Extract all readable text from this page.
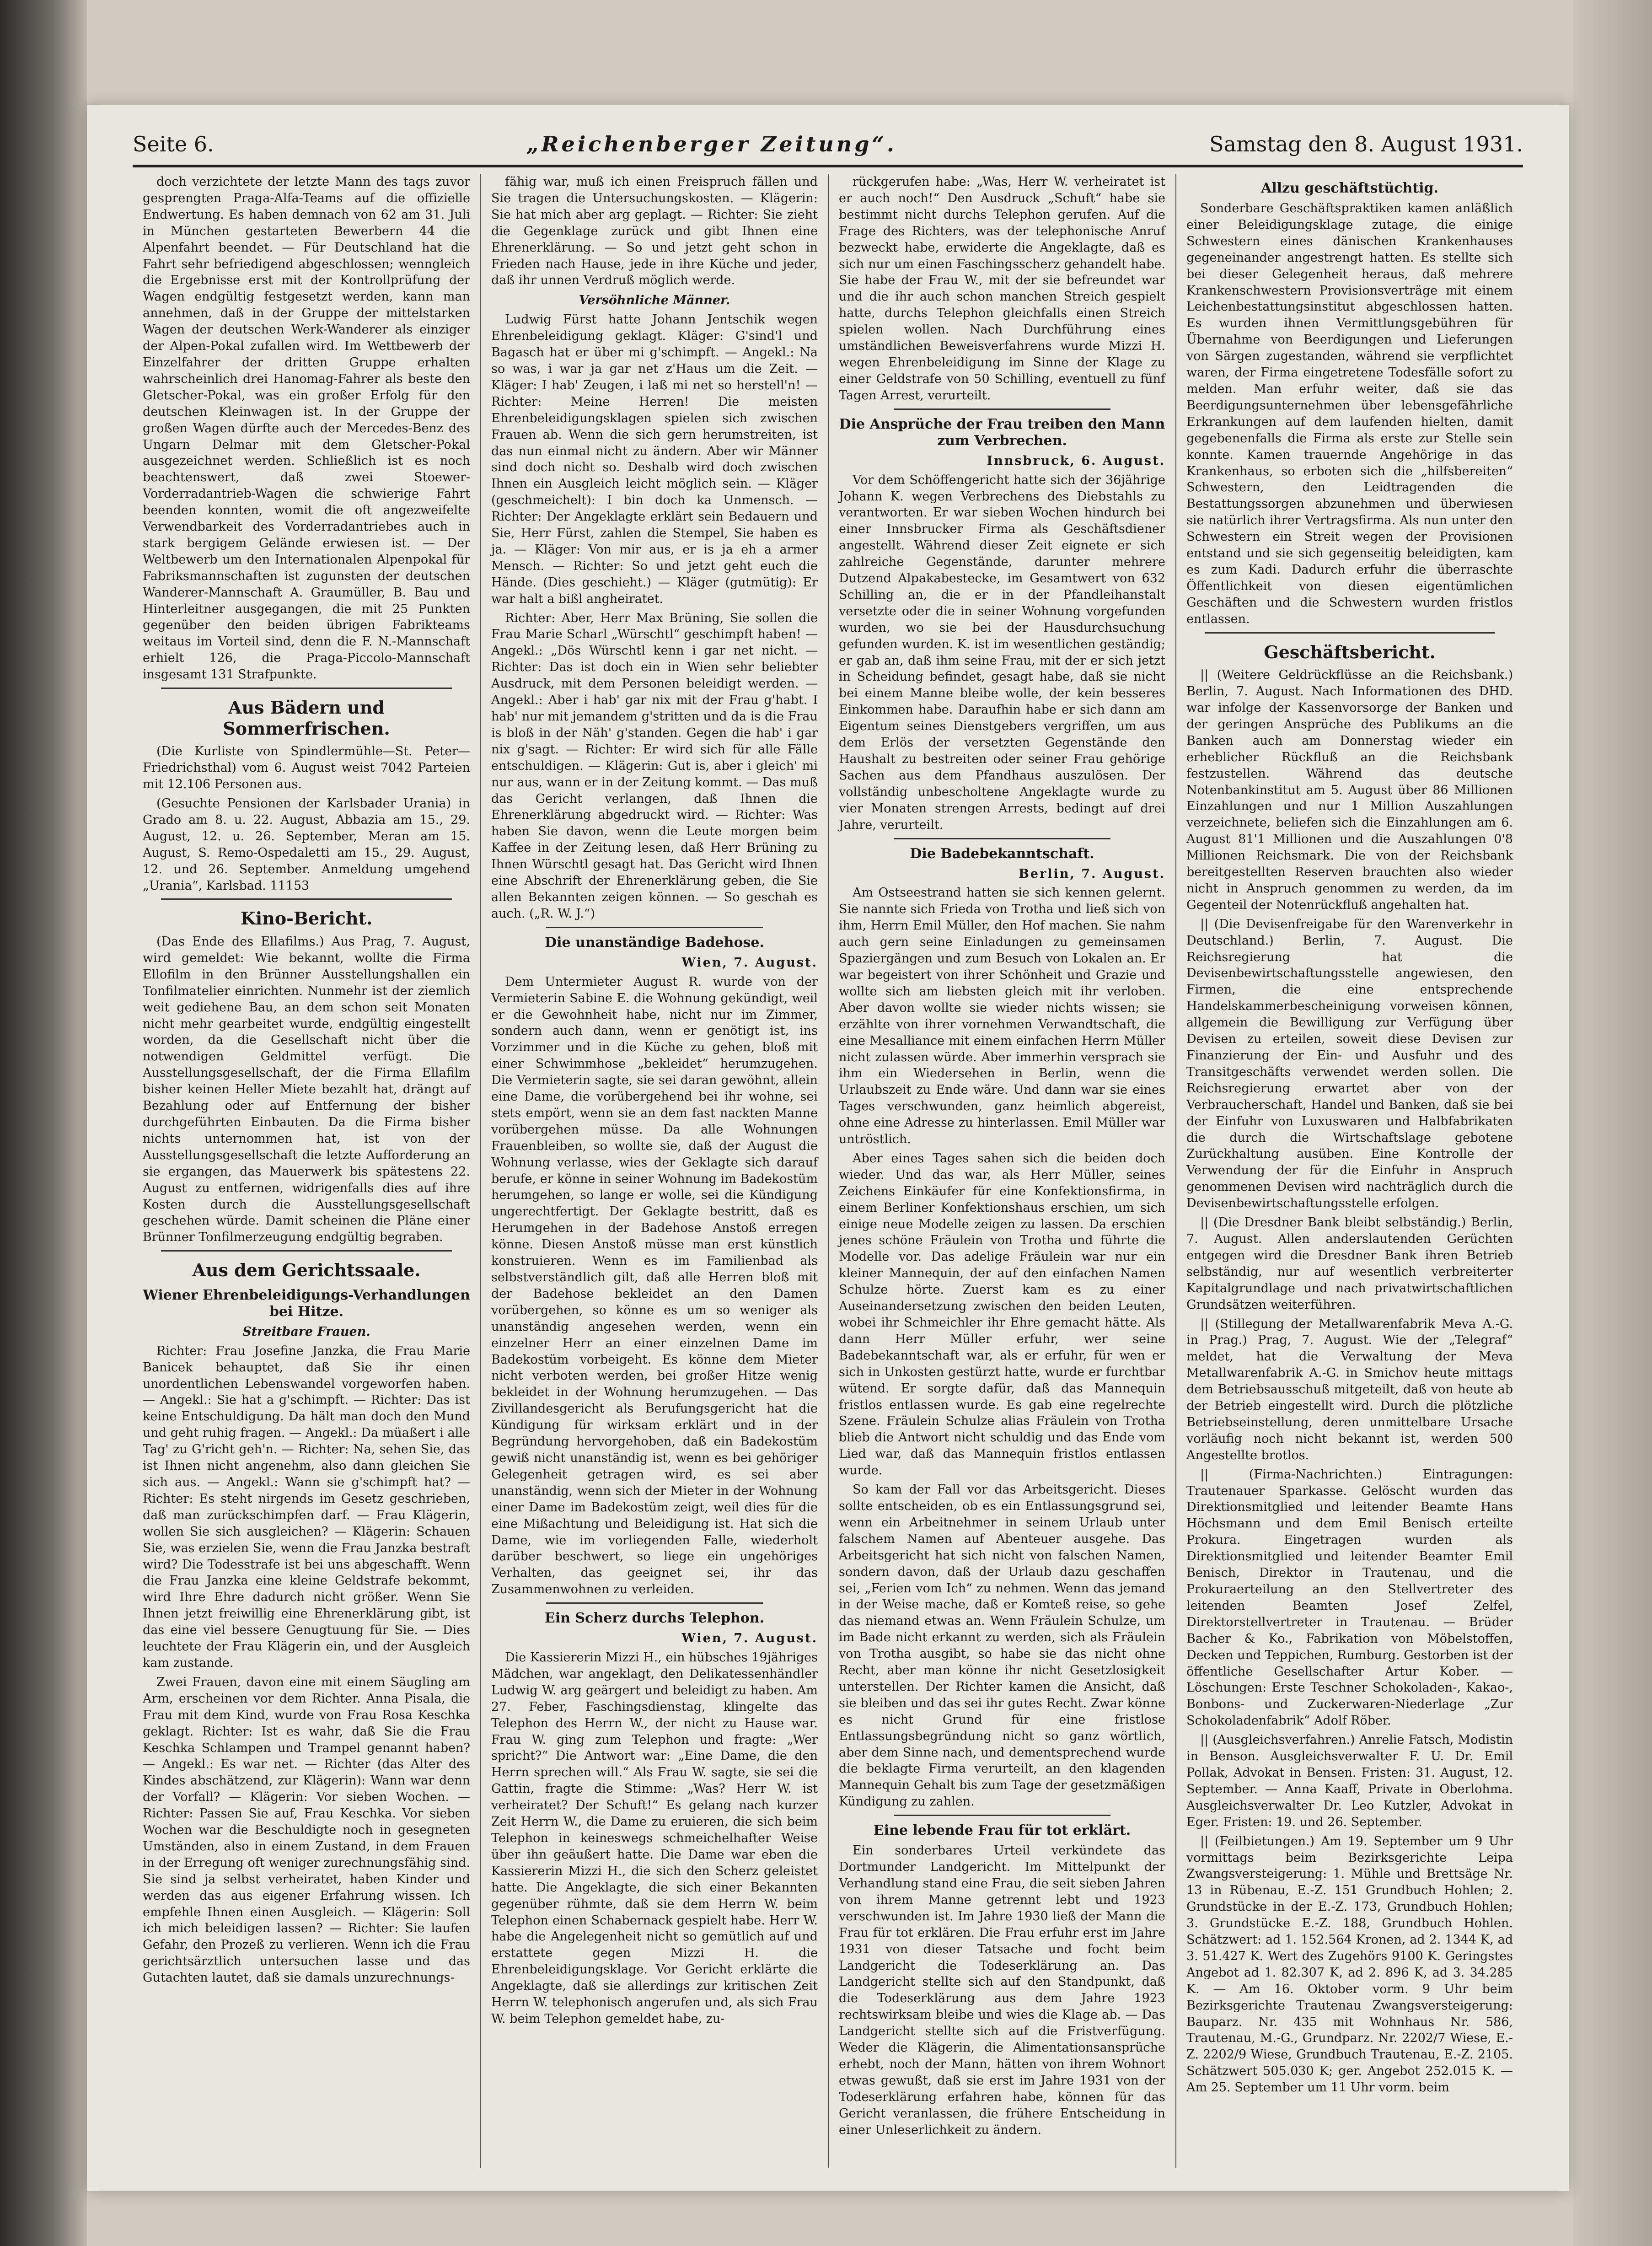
Seite 6.	„Reichenberger Zeitung“.	Samstag den 8. August 1931.

doch verzichtete der letzte Mann des tags zuvor gesprengten Praga-Alfa-Teams auf die offizielle Endwertung. Es haben demnach von 62 am 31. Juli in München gestarteten Bewerbern 44 die Alpenfahrt beendet. — Für Deutschland hat die Fahrt sehr befriedigend abgeschlossen; wenngleich die Ergebnisse erst mit der Kontrollprüfung der Wagen endgültig festgesetzt werden, kann man annehmen, daß in der Gruppe der mittelstarken Wagen der deutschen Werk-Wanderer als einziger der Alpen-Pokal zufallen wird. Im Wettbewerb der Einzelfahrer der dritten Gruppe erhalten wahrscheinlich drei Hanomag-Fahrer als beste den Gletscher-Pokal, was ein großer Erfolg für den deutschen Kleinwagen ist. In der Gruppe der großen Wagen dürfte auch der Mercedes-Benz des Ungarn Delmar mit dem Gletscher-Pokal ausgezeichnet werden. Schließlich ist es noch beachtenswert, daß zwei Stoewer-Vorderradantrieb-Wagen die schwierige Fahrt beenden konnten, womit die oft angezweifelte Verwendbarkeit des Vorderradantriebes auch in stark bergigem Gelände erwiesen ist. — Der Weltbewerb um den Internationalen Alpenpokal für Fabriksmannschaften ist zugunsten der deutschen Wanderer-Mannschaft A. Graumüller, B. Bau und Hinterleitner ausgegangen, die mit 25 Punkten gegenüber den beiden übrigen Fabrikteams weitaus im Vorteil sind, denn die F. N.-Mannschaft erhielt 126, die Praga-Piccolo-Mannschaft insgesamt 131 Strafpunkte.

Aus Bädern und Sommerfrischen.

(Die Kurliste von Spindlermühle—St. Peter—Friedrichsthal) vom 6. August weist 7042 Parteien mit 12.106 Personen aus.

(Gesuchte Pensionen der Karlsbader Urania) in Grado am 8. u. 22. August, Abbazia am 15., 29. August, 12. u. 26. September, Meran am 15. August, S. Remo-Ospedaletti am 15., 29. August, 12. und 26. September. Anmeldung umgehend „Urania“, Karlsbad. 11153

Kino-Bericht.

(Das Ende des Ellafilms.) Aus Prag, 7. August, wird gemeldet: Wie bekannt, wollte die Firma Ellofilm in den Brünner Ausstellungshallen ein Tonfilmatelier einrichten. Nunmehr ist der ziemlich weit gediehene Bau, an dem schon seit Monaten nicht mehr gearbeitet wurde, endgültig eingestellt worden, da die Gesellschaft nicht über die notwendigen Geldmittel verfügt. Die Ausstellungsgesellschaft, der die Firma Ellafilm bisher keinen Heller Miete bezahlt hat, drängt auf Bezahlung oder auf Entfernung der bisher durchgeführten Einbauten. Da die Firma bisher nichts unternommen hat, ist von der Ausstellungsgesellschaft die letzte Aufforderung an sie ergangen, das Mauerwerk bis spätestens 22. August zu entfernen, widrigenfalls dies auf ihre Kosten durch die Ausstellungsgesellschaft geschehen würde. Damit scheinen die Pläne einer Brünner Tonfilmerzeugung endgültig begraben.

Aus dem Gerichtssaale.
Wiener Ehrenbeleidigungs-Verhandlungen bei Hitze.
Streitbare Frauen.

Richter: Frau Josefine Janzka, die Frau Marie Banicek behauptet, daß Sie ihr einen unordentlichen Lebenswandel vorgeworfen haben. — Angekl.: Sie hat a g'schimpft. — Richter: Das ist keine Entschuldigung. Da hält man doch den Mund und geht ruhig fragen. — Angekl.: Da müaßert i alle Tag' zu G'richt geh'n. — Richter: Na, sehen Sie, das ist Ihnen nicht angenehm, also dann gleichen Sie sich aus. — Angekl.: Wann sie g'schimpft hat? — Richter: Es steht nirgends im Gesetz geschrieben, daß man zurückschimpfen darf. — Frau Klägerin, wollen Sie sich ausgleichen? — Klägerin: Schauen Sie, was erzielen Sie, wenn die Frau Janzka bestraft wird? Die Todesstrafe ist bei uns abgeschafft. Wenn die Frau Janzka eine kleine Geldstrafe bekommt, wird Ihre Ehre dadurch nicht größer. Wenn Sie Ihnen jetzt freiwillig eine Ehrenerklärung gibt, ist das eine viel bessere Genugtuung für Sie. — Dies leuchtete der Frau Klägerin ein, und der Ausgleich kam zustande.

Zwei Frauen, davon eine mit einem Säugling am Arm, erscheinen vor dem Richter. Anna Pisala, die Frau mit dem Kind, wurde von Frau Rosa Keschka geklagt. Richter: Ist es wahr, daß Sie die Frau Keschka Schlampen und Trampel genannt haben? — Angekl.: Es war net. — Richter (das Alter des Kindes abschätzend, zur Klägerin): Wann war denn der Vorfall? — Klägerin: Vor sieben Wochen. — Richter: Passen Sie auf, Frau Keschka. Vor sieben Wochen war die Beschuldigte noch in gesegneten Umständen, also in einem Zustand, in dem Frauen in der Erregung oft weniger zurechnungsfähig sind. Sie sind ja selbst verheiratet, haben Kinder und werden das aus eigener Erfahrung wissen. Ich empfehle Ihnen einen Ausgleich. — Klägerin: Soll ich mich beleidigen lassen? — Richter: Sie laufen Gefahr, den Prozeß zu verlieren. Wenn ich die Frau gerichtsärztlich untersuchen lasse und das Gutachten lautet, daß sie damals unzurechnungs-

fähig war, muß ich einen Freispruch fällen und Sie tragen die Untersuchungskosten. — Klägerin: Sie hat mich aber arg geplagt. — Richter: Sie zieht die Gegenklage zurück und gibt Ihnen eine Ehrenerklärung. — So und jetzt geht schon in Frieden nach Hause, jede in ihre Küche und jeder, daß ihr unnen Verdruß möglich werde.

Versöhnliche Männer.

Ludwig Fürst hatte Johann Jentschik wegen Ehrenbeleidigung geklagt. Kläger: G'sind'l und Bagasch hat er über mi g'schimpft. — Angekl.: Na so was, i war ja gar net z'Haus um die Zeit. — Kläger: I hab' Zeugen, i laß mi net so herstell'n! — Richter: Meine Herren! Die meisten Ehrenbeleidigungsklagen spielen sich zwischen Frauen ab. Wenn die sich gern herumstreiten, ist das nun einmal nicht zu ändern. Aber wir Männer sind doch nicht so. Deshalb wird doch zwischen Ihnen ein Ausgleich leicht möglich sein. — Kläger (geschmeichelt): I bin doch ka Unmensch. — Richter: Der Angeklagte erklärt sein Bedauern und Sie, Herr Fürst, zahlen die Stempel, Sie haben es ja. — Kläger: Von mir aus, er is ja eh a armer Mensch. — Richter: So und jetzt geht euch die Hände. (Dies geschieht.) — Kläger (gutmütig): Er war halt a bißl angheiratet.

Richter: Aber, Herr Max Brüning, Sie sollen die Frau Marie Scharl „Würschtl“ geschimpft haben! — Angekl.: „Dös Würschtl kenn i gar net nicht. — Richter: Das ist doch ein in Wien sehr beliebter Ausdruck, mit dem Personen beleidigt werden. — Angekl.: Aber i hab' gar nix mit der Frau g'habt. I hab' nur mit jemandem g'stritten und da is die Frau is bloß in der Näh' g'standen. Gegen die hab' i gar nix g'sagt. — Richter: Er wird sich für alle Fälle entschuldigen. — Klägerin: Gut is, aber i gleich' mi nur aus, wann er in der Zeitung kommt. — Das muß das Gericht verlangen, daß Ihnen die Ehrenerklärung abgedruckt wird. — Richter: Was haben Sie davon, wenn die Leute morgen beim Kaffee in der Zeitung lesen, daß Herr Brüning zu Ihnen Würschtl gesagt hat. Das Gericht wird Ihnen eine Abschrift der Ehrenerklärung geben, die Sie allen Bekannten zeigen können. — So geschah es auch. („R. W. J.“)

Die unanständige Badehose.

Wien, 7. August.

Dem Untermieter August R. wurde von der Vermieterin Sabine E. die Wohnung gekündigt, weil er die Gewohnheit habe, nicht nur im Zimmer, sondern auch dann, wenn er genötigt ist, ins Vorzimmer und in die Küche zu gehen, bloß mit einer Schwimmhose „bekleidet“ herumzugehen. Die Vermieterin sagte, sie sei daran gewöhnt, allein eine Dame, die vorübergehend bei ihr wohne, sei stets empört, wenn sie an dem fast nackten Manne vorübergehen müsse. Da alle Wohnungen Frauenbleiben, so wollte sie, daß der August die Wohnung verlasse, wies der Geklagte sich darauf berufe, er könne in seiner Wohnung im Badekostüm herumgehen, so lange er wolle, sei die Kündigung ungerechtfertigt. Der Geklagte bestritt, daß es Herumgehen in der Badehose Anstoß erregen könne. Diesen Anstoß müsse man erst künstlich konstruieren. Wenn es im Familienbad als selbstverständlich gilt, daß alle Herren bloß mit der Badehose bekleidet an den Damen vorübergehen, so könne es um so weniger als unanständig angesehen werden, wenn ein einzelner Herr an einer einzelnen Dame im Badekostüm vorbeigeht. Es könne dem Mieter nicht verboten werden, bei großer Hitze wenig bekleidet in der Wohnung herumzugehen. — Das Zivillandesgericht als Berufungsgericht hat die Kündigung für wirksam erklärt und in der Begründung hervorgehoben, daß ein Badekostüm gewiß nicht unanständig ist, wenn es bei gehöriger Gelegenheit getragen wird, es sei aber unanständig, wenn sich der Mieter in der Wohnung einer Dame im Badekostüm zeigt, weil dies für die eine Mißachtung und Beleidigung ist. Hat sich die Dame, wie im vorliegenden Falle, wiederholt darüber beschwert, so liege ein ungehöriges Verhalten, das geeignet sei, ihr das Zusammenwohnen zu verleiden.

Ein Scherz durchs Telephon.

Wien, 7. August.

Die Kassiererin Mizzi H., ein hübsches 19jähriges Mädchen, war angeklagt, den Delikatessenhändler Ludwig W. arg geärgert und beleidigt zu haben. Am 27. Feber, Faschingsdienstag, klingelte das Telephon des Herrn W., der nicht zu Hause war. Frau W. ging zum Telephon und fragte: „Wer spricht?“ Die Antwort war: „Eine Dame, die den Herrn sprechen will.“ Als Frau W. sagte, sie sei die Gattin, fragte die Stimme: „Was? Herr W. ist verheiratet? Der Schuft!“ Es gelang nach kurzer Zeit Herrn W., die Dame zu eruieren, die sich beim Telephon in keineswegs schmeichelhafter Weise über ihn geäußert hatte. Die Dame war eben die Kassiererin Mizzi H., die sich den Scherz geleistet hatte. Die Angeklagte, die sich einer Bekannten gegenüber rühmte, daß sie dem Herrn W. beim Telephon einen Schabernack gespielt habe. Herr W. habe die Angelegenheit nicht so gemütlich auf und erstattete gegen Mizzi H. die Ehrenbeleidigungsklage. Vor Gericht erklärte die Angeklagte, daß sie allerdings zur kritischen Zeit Herrn W. telephonisch angerufen und, als sich Frau W. beim Telephon gemeldet habe, zu-

rückgerufen habe: „Was, Herr W. verheiratet ist er auch noch!“ Den Ausdruck „Schuft“ habe sie bestimmt nicht durchs Telephon gerufen. Auf die Frage des Richters, was der telephonische Anruf bezweckt habe, erwiderte die Angeklagte, daß es sich nur um einen Faschingsscherz gehandelt habe. Sie habe der Frau W., mit der sie befreundet war und die ihr auch schon manchen Streich gespielt hatte, durchs Telephon gleichfalls einen Streich spielen wollen. Nach Durchführung eines umständlichen Beweisverfahrens wurde Mizzi H. wegen Ehrenbeleidigung im Sinne der Klage zu einer Geldstrafe von 50 Schilling, eventuell zu fünf Tagen Arrest, verurteilt.

Die Ansprüche der Frau treiben den Mann zum Verbrechen.

Innsbruck, 6. August.

Vor dem Schöffengericht hatte sich der 36jährige Johann K. wegen Verbrechens des Diebstahls zu verantworten. Er war sieben Wochen hindurch bei einer Innsbrucker Firma als Geschäftsdiener angestellt. Während dieser Zeit eignete er sich zahlreiche Gegenstände, darunter mehrere Dutzend Alpakabestecke, im Gesamtwert von 632 Schilling an, die er in der Pfandleihanstalt versetzte oder die in seiner Wohnung vorgefunden wurden, wo sie bei der Hausdurchsuchung gefunden wurden. K. ist im wesentlichen geständig; er gab an, daß ihm seine Frau, mit der er sich jetzt in Scheidung befindet, gesagt habe, daß sie nicht bei einem Manne bleibe wolle, der kein besseres Einkommen habe. Daraufhin habe er sich dann am Eigentum seines Dienstgebers vergriffen, um aus dem Erlös der versetzten Gegenstände den Haushalt zu bestreiten oder seiner Frau gehörige Sachen aus dem Pfandhaus auszulösen. Der vollständig unbescholtene Angeklagte wurde zu vier Monaten strengen Arrests, bedingt auf drei Jahre, verurteilt.

Die Badebekanntschaft.

Berlin, 7. August.

Am Ostseestrand hatten sie sich kennen gelernt. Sie nannte sich Frieda von Trotha und ließ sich von ihm, Herrn Emil Müller, den Hof machen. Sie nahm auch gern seine Einladungen zu gemeinsamen Spaziergängen und zum Besuch von Lokalen an. Er war begeistert von ihrer Schönheit und Grazie und wollte sich am liebsten gleich mit ihr verloben. Aber davon wollte sie wieder nichts wissen; sie erzählte von ihrer vornehmen Verwandtschaft, die eine Mesalliance mit einem einfachen Herrn Müller nicht zulassen würde. Aber immerhin versprach sie ihm ein Wiedersehen in Berlin, wenn die Urlaubszeit zu Ende wäre. Und dann war sie eines Tages verschwunden, ganz heimlich abgereist, ohne eine Adresse zu hinterlassen. Emil Müller war untröstlich.

Aber eines Tages sahen sich die beiden doch wieder. Und das war, als Herr Müller, seines Zeichens Einkäufer für eine Konfektionsfirma, in einem Berliner Konfektionshaus erschien, um sich einige neue Modelle zeigen zu lassen. Da erschien jenes schöne Fräulein von Trotha und führte die Modelle vor. Das adelige Fräulein war nur ein kleiner Mannequin, der auf den einfachen Namen Schulze hörte. Zuerst kam es zu einer Auseinandersetzung zwischen den beiden Leuten, wobei ihr Schmeichler ihr Ehre gemacht hätte. Als dann Herr Müller erfuhr, wer seine Badebekanntschaft war, als er erfuhr, für wen er sich in Unkosten gestürzt hatte, wurde er furchtbar wütend. Er sorgte dafür, daß das Mannequin fristlos entlassen wurde. Es gab eine regelrechte Szene. Fräulein Schulze alias Fräulein von Trotha blieb die Antwort nicht schuldig und das Ende vom Lied war, daß das Mannequin fristlos entlassen wurde.

So kam der Fall vor das Arbeitsgericht. Dieses sollte entscheiden, ob es ein Entlassungsgrund sei, wenn ein Arbeitnehmer in seinem Urlaub unter falschem Namen auf Abenteuer ausgehe. Das Arbeitsgericht hat sich nicht von falschen Namen, sondern davon, daß der Urlaub dazu geschaffen sei, „Ferien vom Ich“ zu nehmen. Wenn das jemand in der Weise mache, daß er Komteß reise, so gehe das niemand etwas an. Wenn Fräulein Schulze, um im Bade nicht erkannt zu werden, sich als Fräulein von Trotha ausgibt, so habe sie das nicht ohne Recht, aber man könne ihr nicht Gesetzlosigkeit unterstellen. Der Richter kamen die Ansicht, daß sie bleiben und das sei ihr gutes Recht. Zwar könne es nicht Grund für eine fristlose Entlassungsbegründung nicht so ganz wörtlich, aber dem Sinne nach, und dementsprechend wurde die beklagte Firma verurteilt, an den klagenden Mannequin Gehalt bis zum Tage der gesetzmäßigen Kündigung zu zahlen.

Eine lebende Frau für tot erklärt.

Ein sonderbares Urteil verkündete das Dortmunder Landgericht. Im Mittelpunkt der Verhandlung stand eine Frau, die seit sieben Jahren von ihrem Manne getrennt lebt und 1923 verschwunden ist. Im Jahre 1930 ließ der Mann die Frau für tot erklären. Die Frau erfuhr erst im Jahre 1931 von dieser Tatsache und focht beim Landgericht die Todeserklärung an. Das Landgericht stellte sich auf den Standpunkt, daß die Todeserklärung aus dem Jahre 1923 rechtswirksam bleibe und wies die Klage ab. — Das Landgericht stellte sich auf die Fristverfügung. Weder die Klägerin, die Alimentationsansprüche erhebt, noch der Mann, hätten von ihrem Wohnort etwas gewußt, daß sie erst im Jahre 1931 von der Todeserklärung erfahren habe, können für das Gericht veranlassen, die frühere Entscheidung in einer Unleserlichkeit zu ändern.

Allzu geschäftstüchtig.

Sonderbare Geschäftspraktiken kamen anläßlich einer Beleidigungsklage zutage, die einige Schwestern eines dänischen Krankenhauses gegeneinander angestrengt hatten. Es stellte sich bei dieser Gelegenheit heraus, daß mehrere Krankenschwestern Provisionsverträge mit einem Leichenbestattungsinstitut abgeschlossen hatten. Es wurden ihnen Vermittlungsgebühren für Übernahme von Beerdigungen und Lieferungen von Särgen zugestanden, während sie verpflichtet waren, der Firma eingetretene Todesfälle sofort zu melden. Man erfuhr weiter, daß sie das Beerdigungsunternehmen über lebensgefährliche Erkrankungen auf dem laufenden hielten, damit gegebenenfalls die Firma als erste zur Stelle sein konnte. Kamen trauernde Angehörige in das Krankenhaus, so erboten sich die „hilfsbereiten“ Schwestern, den Leidtragenden die Bestattungssorgen abzunehmen und überwiesen sie natürlich ihrer Vertragsfirma. Als nun unter den Schwestern ein Streit wegen der Provisionen entstand und sie sich gegenseitig beleidigten, kam es zum Kadi. Dadurch erfuhr die überraschte Öffentlichkeit von diesen eigentümlichen Geschäften und die Schwestern wurden fristlos entlassen.

Geschäftsbericht.

|| (Weitere Geldrückflüsse an die Reichsbank.) Berlin, 7. August. Nach Informationen des DHD. war infolge der Kassenvorsorge der Banken und der geringen Ansprüche des Publikums an die Banken auch am Donnerstag wieder ein erheblicher Rückfluß an die Reichsbank festzustellen. Während das deutsche Notenbankinstitut am 5. August über 86 Millionen Einzahlungen und nur 1 Million Auszahlungen verzeichnete, beliefen sich die Einzahlungen am 6. August 81'1 Millionen und die Auszahlungen 0'8 Millionen Reichsmark. Die von der Reichsbank bereitgestellten Reserven brauchten also wieder nicht in Anspruch genommen zu werden, da im Gegenteil der Notenrückfluß angehalten hat.

|| (Die Devisenfreigabe für den Warenverkehr in Deutschland.) Berlin, 7. August. Die Reichsregierung hat die Devisenbewirtschaftungsstelle angewiesen, den Firmen, die eine entsprechende Handelskammerbescheinigung vorweisen können, allgemein die Bewilligung zur Verfügung über Devisen zu erteilen, soweit diese Devisen zur Finanzierung der Ein- und Ausfuhr und des Transitgeschäfts verwendet werden sollen. Die Reichsregierung erwartet aber von der Verbraucherschaft, Handel und Banken, daß sie bei der Einfuhr von Luxuswaren und Halbfabrikaten die durch die Wirtschaftslage gebotene Zurückhaltung ausüben. Eine Kontrolle der Verwendung der für die Einfuhr in Anspruch genommenen Devisen wird nachträglich durch die Devisenbewirtschaftungsstelle erfolgen.

|| (Die Dresdner Bank bleibt selbständig.) Berlin, 7. August. Allen anderslautenden Gerüchten entgegen wird die Dresdner Bank ihren Betrieb selbständig, nur auf wesentlich verbreiterter Kapitalgrundlage und nach privatwirtschaftlichen Grundsätzen weiterführen.

|| (Stillegung der Metallwarenfabrik Meva A.-G. in Prag.) Prag, 7. August. Wie der „Telegraf“ meldet, hat die Verwaltung der Meva Metallwarenfabrik A.-G. in Smichov heute mittags dem Betriebsausschuß mitgeteilt, daß von heute ab der Betrieb eingestellt wird. Durch die plötzliche Betriebseinstellung, deren unmittelbare Ursache vorläufig noch nicht bekannt ist, werden 500 Angestellte brotlos.

|| (Firma-Nachrichten.) Eintragungen: Trautenauer Sparkasse. Gelöscht wurden das Direktionsmitglied und leitender Beamte Hans Höchsmann und dem Emil Benisch erteilte Prokura. Eingetragen wurden als Direktionsmitglied und leitender Beamter Emil Benisch, Direktor in Trautenau, und die Prokuraerteilung an den Stellvertreter des leitenden Beamten Josef Zelfel, Direktorstellvertreter in Trautenau. — Brüder Bacher & Ko., Fabrikation von Möbelstoffen, Decken und Teppichen, Rumburg. Gestorben ist der öffentliche Gesellschafter Artur Kober. — Löschungen: Erste Teschner Schokoladen-, Kakao-, Bonbons- und Zuckerwaren-Niederlage „Zur Schokoladenfabrik“ Adolf Röber.

|| (Ausgleichsverfahren.) Anrelie Fatsch, Modistin in Benson. Ausgleichsverwalter F. U. Dr. Emil Pollak, Advokat in Bensen. Fristen: 31. August, 12. September. — Anna Kaaff, Private in Oberlohma. Ausgleichsverwalter Dr. Leo Kutzler, Advokat in Eger. Fristen: 19. und 26. September.

|| (Feilbietungen.) Am 19. September um 9 Uhr vormittags beim Bezirksgerichte Leipa Zwangsversteigerung: 1. Mühle und Brettsäge Nr. 13 in Rübenau, E.-Z. 151 Grundbuch Hohlen; 2. Grundstücke in der E.-Z. 173, Grundbuch Hohlen; 3. Grundstücke E.-Z. 188, Grundbuch Hohlen. Schätzwert: ad 1. 152.564 Kronen, ad 2. 1344 K, ad 3. 51.427 K. Wert des Zugehörs 9100 K. Geringstes Angebot ad 1. 82.307 K, ad 2. 896 K, ad 3. 34.285 K. — Am 16. Oktober vorm. 9 Uhr beim Bezirksgerichte Trautenau Zwangsversteigerung: Bauparz. Nr. 435 mit Wohnhaus Nr. 586, Trautenau, M.-G., Grundparz. Nr. 2202/7 Wiese, E.-Z. 2202/9 Wiese, Grundbuch Trautenau, E.-Z. 2105. Schätzwert 505.030 K; ger. Angebot 252.015 K. — Am 25. September um 11 Uhr vorm. beim
